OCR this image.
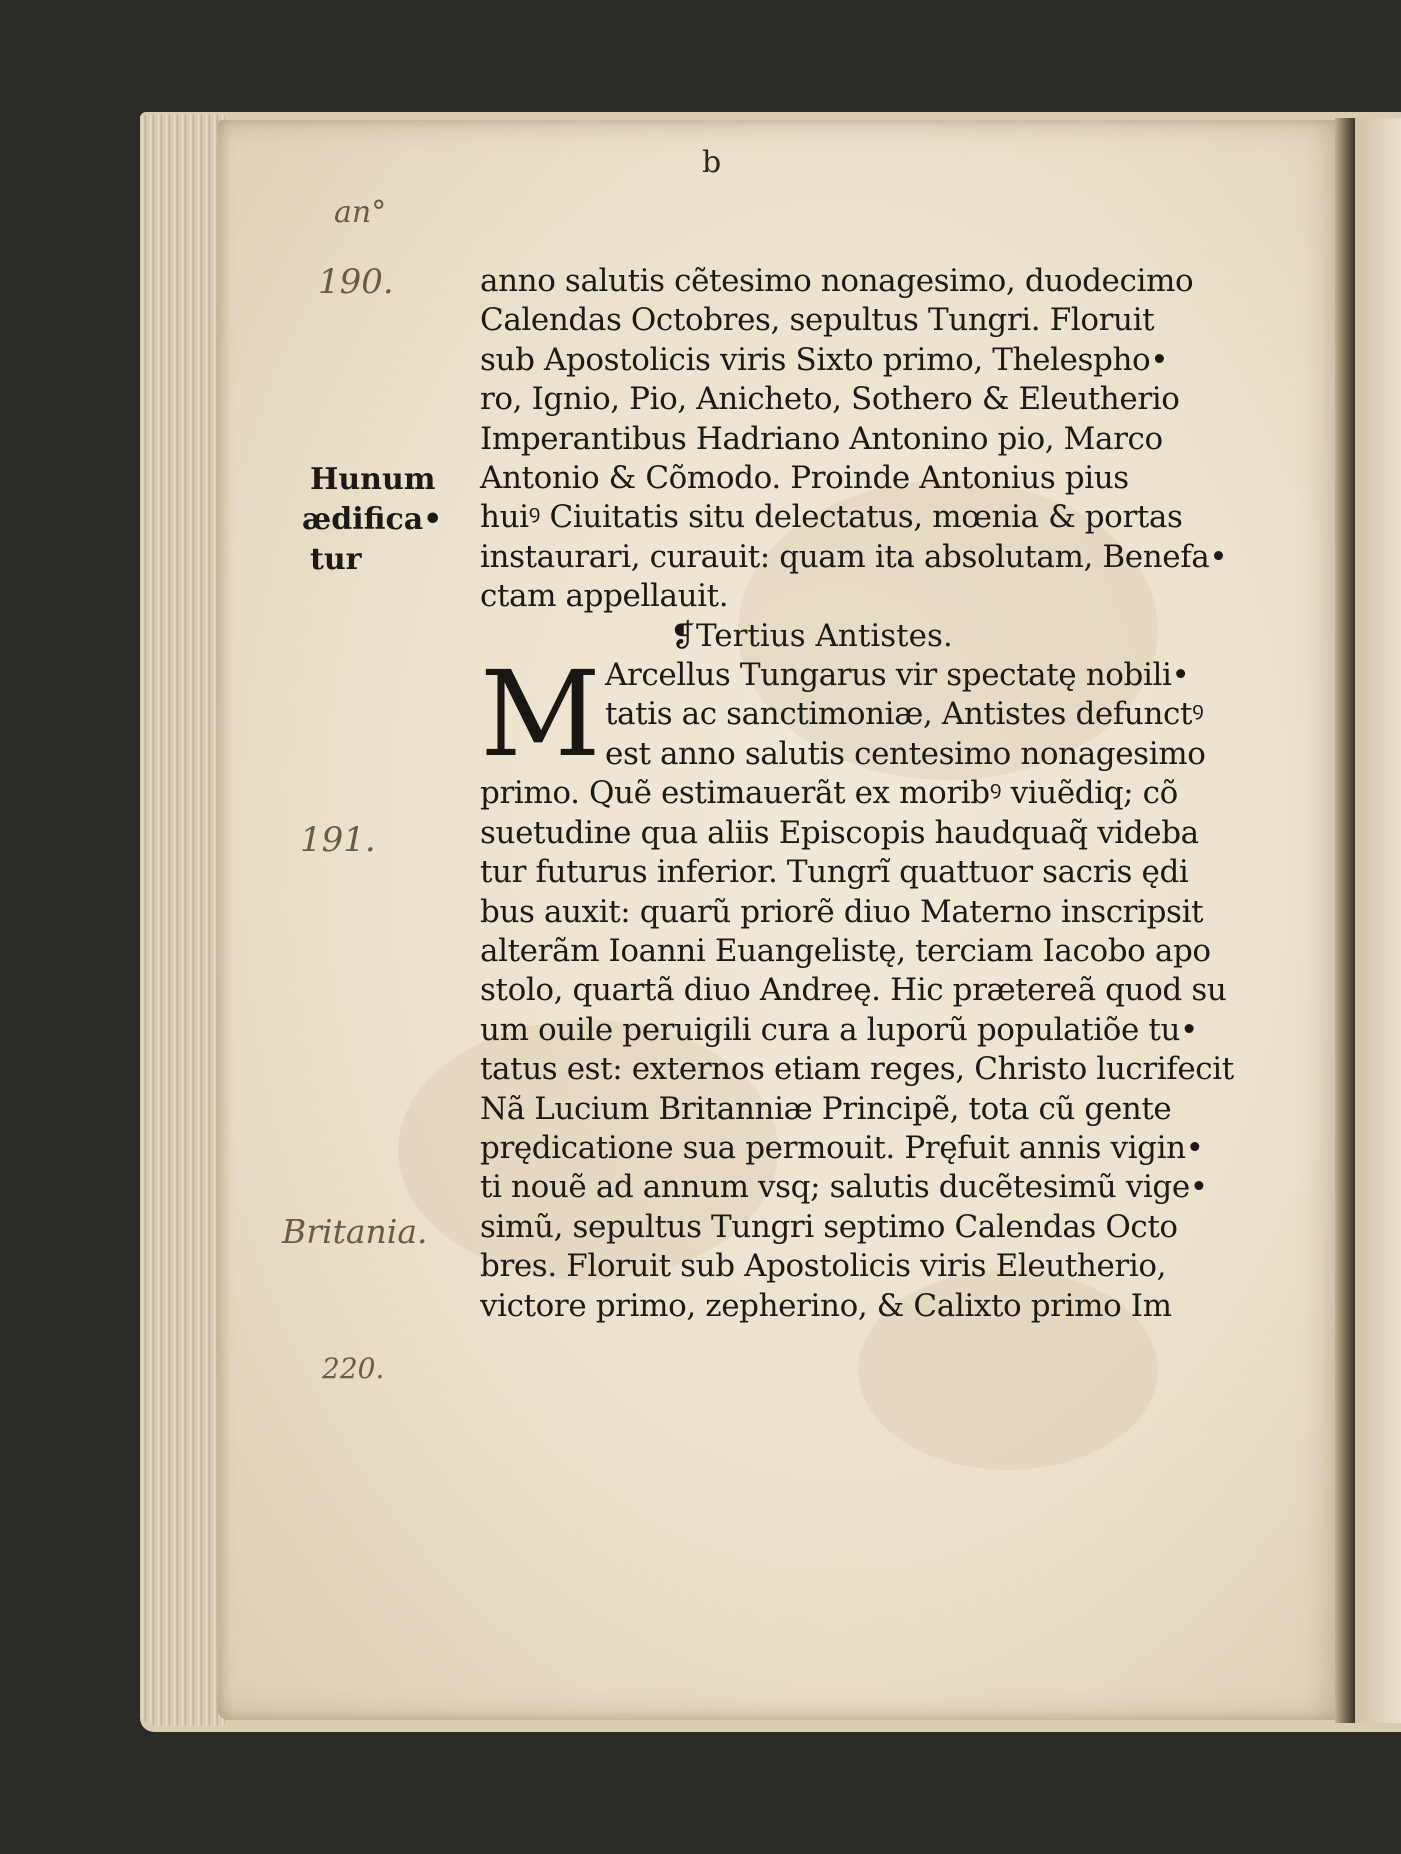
b
an°
190.
191.
Britania.
220.
Hunum
ædifica•
tur
anno salutis cẽtesimo nonagesimo, duodecimo
Calendas Octobres, sepultus Tungri. Floruit
sub Apostolicis viris Sixto primo, Thelespho•
ro, Ignio, Pio, Anicheto, Sothero & Eleutherio
Imperantibus Hadriano Antonino pio, Marco
Antonio & Cõmodo. Proinde Antonius pius
huiꝰ Ciuitatis situ delectatus, mœnia & portas
instaurari, curauit: quam ita absolutam, Benefa•
ctam appellauit.
❡Tertius Antistes.
M Arcellus Tungarus vir spectatę nobili•
tatis ac sanctimoniæ, Antistes defunctꝰ
est anno salutis centesimo nonagesimo
primo. Quẽ estimauerãt ex moribꝰ viuẽdiq; cõ
suetudine qua aliis Episcopis haudquaq̃ videba
tur futurus inferior. Tungrĩ quattuor sacris ędi
bus auxit: quarũ priorẽ diuo Materno inscripsit
alterãm Ioanni Euangelistę, terciam Iacobo apo
stolo, quartã diuo Andreę. Hic prætereã quod su
um ouile peruigili cura a luporũ populatiõe tu•
tatus est: externos etiam reges, Christo lucrifecit
Nã Lucium Britanniæ Principẽ, tota cũ gente
prędicatione sua permouit. Pręfuit annis vigin•
ti nouẽ ad annum vsq; salutis ducẽtesimũ vige•
simũ, sepultus Tungri septimo Calendas Octo
bres. Floruit sub Apostolicis viris Eleutherio,
victore primo, zepherino, & Calixto primo Im
